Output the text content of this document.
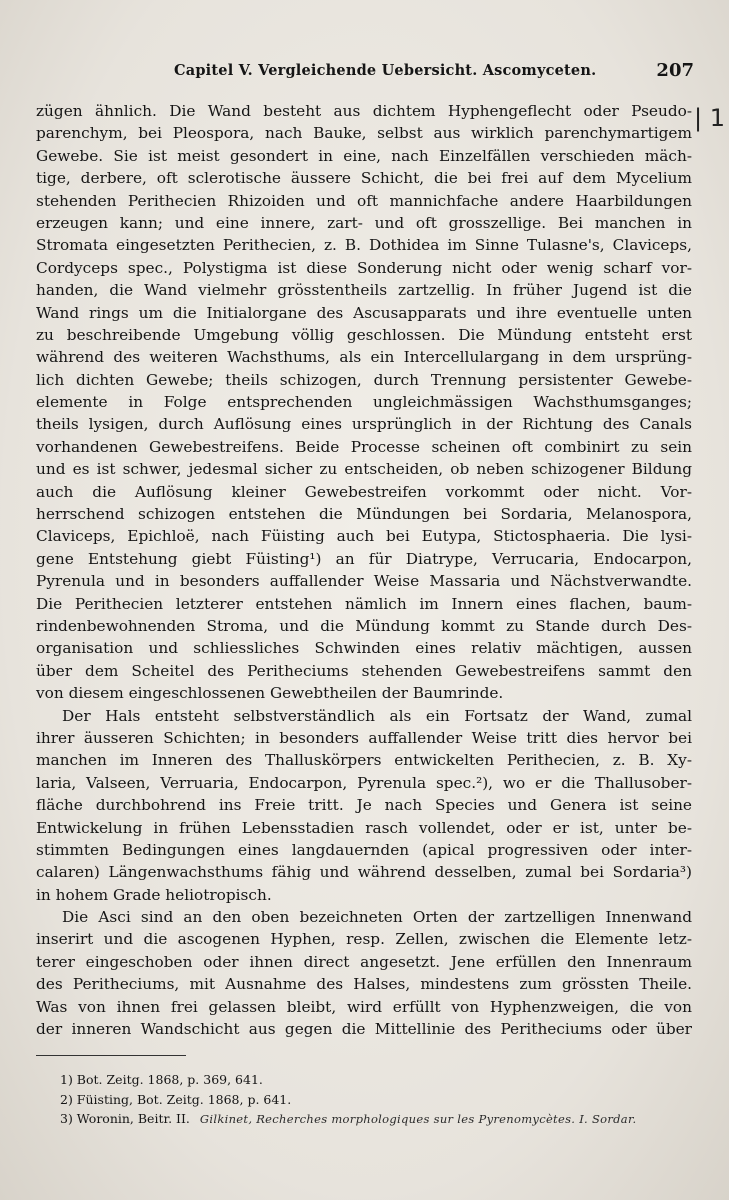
Capitel V. Vergleichende Uebersicht. Ascomyceten.	207
| 1
zügen ähnlich. Die Wand besteht aus dichtem Hyphengeflecht oder Pseudo-
parenchym, bei Pleospora, nach Bauke, selbst aus wirklich parenchymartigem
Gewebe. Sie ist meist gesondert in eine, nach Einzelfällen verschieden mäch-
tige, derbere, oft sclerotische äussere Schicht, die bei frei auf dem Mycelium
stehenden Perithecien Rhizoiden und oft mannichfache andere Haarbildungen
erzeugen kann; und eine innere, zart- und oft grosszellige. Bei manchen in
Stromata eingesetzten Perithecien, z. B. Dothidea im Sinne Tulasne's, Claviceps,
Cordyceps spec., Polystigma ist diese Sonderung nicht oder wenig scharf vor-
handen, die Wand vielmehr grösstentheils zartzellig. In früher Jugend ist die
Wand rings um die Initialorgane des Ascusapparats und ihre eventuelle unten
zu beschreibende Umgebung völlig geschlossen. Die Mündung entsteht erst
während des weiteren Wachsthums, als ein Intercellulargang in dem ursprüng-
lich dichten Gewebe; theils schizogen, durch Trennung persistenter Gewebe-
elemente in Folge entsprechenden ungleichmässigen Wachsthumsganges;
theils lysigen, durch Auflösung eines ursprünglich in der Richtung des Canals
vorhandenen Gewebestreifens. Beide Processe scheinen oft combinirt zu sein
und es ist schwer, jedesmal sicher zu entscheiden, ob neben schizogener Bildung
auch die Auflösung kleiner Gewebestreifen vorkommt oder nicht. Vor-
herrschend schizogen entstehen die Mündungen bei Sordaria, Melanospora,
Claviceps, Epichloë, nach Füisting auch bei Eutypa, Stictosphaeria. Die lysi-
gene Entstehung giebt Füisting¹) an für Diatrype, Verrucaria, Endocarpon,
Pyrenula und in besonders auffallender Weise Massaria und Nächstverwandte.
Die Perithecien letzterer entstehen nämlich im Innern eines flachen, baum-
rindenbewohnenden Stroma, und die Mündung kommt zu Stande durch Des-
organisation und schliessliches Schwinden eines relativ mächtigen, aussen
über dem Scheitel des Peritheciums stehenden Gewebestreifens sammt den
von diesem eingeschlossenen Gewebtheilen der Baumrinde.
Der Hals entsteht selbstverständlich als ein Fortsatz der Wand, zumal
ihrer äusseren Schichten; in besonders auffallender Weise tritt dies hervor bei
manchen im Inneren des Thalluskörpers entwickelten Perithecien, z. B. Xy-
laria, Valseen, Verruaria, Endocarpon, Pyrenula spec.²), wo er die Thallusober-
fläche durchbohrend ins Freie tritt. Je nach Species und Genera ist seine
Entwickelung in frühen Lebensstadien rasch vollendet, oder er ist, unter be-
stimmten Bedingungen eines langdauernden (apical progressiven oder inter-
calaren) Längenwachsthums fähig und während desselben, zumal bei Sordaria³)
in hohem Grade heliotropisch.
Die Asci sind an den oben bezeichneten Orten der zartzelligen Innenwand
inserirt und die ascogenen Hyphen, resp. Zellen, zwischen die Elemente letz-
terer eingeschoben oder ihnen direct angesetzt. Jene erfüllen den Innenraum
des Peritheciums, mit Ausnahme des Halses, mindestens zum grössten Theile.
Was von ihnen frei gelassen bleibt, wird erfüllt von Hyphenzweigen, die von
der inneren Wandschicht aus gegen die Mittellinie des Peritheciums oder über
1) Bot. Zeitg. 1868, p. 369, 641.
2) Füisting, Bot. Zeitg. 1868, p. 641.
3) Woronin, Beitr. II. Gilkinet, Recherches morphologiques sur les Pyrenomycètes. I. Sordar.
